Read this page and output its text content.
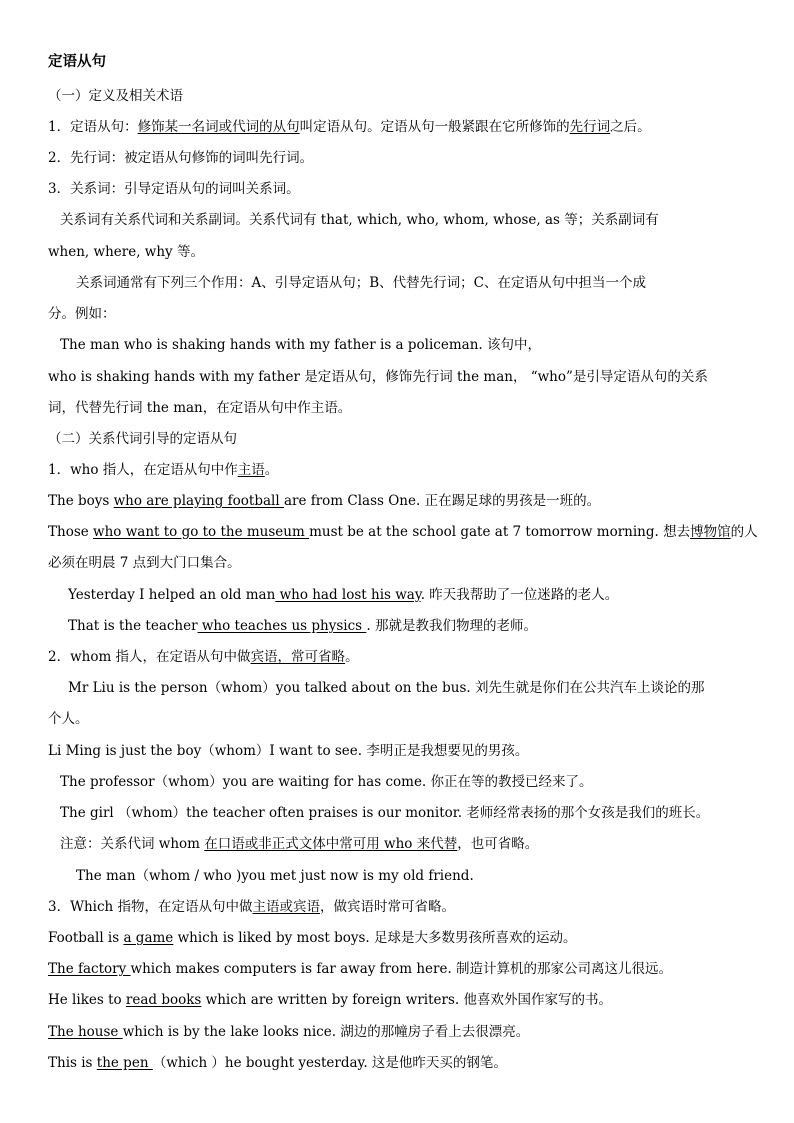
定语从句
（一）定义及相关术语
1．定语从句：修饰某一名词或代词的从句叫定语从句。定语从句一般紧跟在它所修饰的先行词之后。
2．先行词：被定语从句修饰的词叫先行词。
3．关系词：引导定语从句的词叫关系词。
关系词有关系代词和关系副词。关系代词有 that, which, who, whom, whose, as 等；关系副词有
when, where, why 等。
关系词通常有下列三个作用：A、引导定语从句；B、代替先行词；C、在定语从句中担当一个成
分。例如：
The man who is shaking hands with my father is a policeman. 该句中，
who is shaking hands with my father 是定语从句，修饰先行词 the man， “who”是引导定语从句的关系
词，代替先行词 the man，在定语从句中作主语。
（二）关系代词引导的定语从句
1．who 指人，在定语从句中作主语。
The boys who are playing football are from Class One. 正在踢足球的男孩是一班的。
Those who want to go to the museum must be at the school gate at 7 tomorrow morning. 想去博物馆的人
必须在明晨 7 点到大门口集合。
Yesterday I helped an old man who had lost his way. 昨天我帮助了一位迷路的老人。
That is the teacher who teaches us physics . 那就是教我们物理的老师。
2．whom 指人，在定语从句中做宾语，常可省略。
Mr Liu is the person（whom）you talked about on the bus. 刘先生就是你们在公共汽车上谈论的那
个人。
Li Ming is just the boy（whom）I want to see. 李明正是我想要见的男孩。
The professor（whom）you are waiting for has come. 你正在等的教授已经来了。
The girl （whom）the teacher often praises is our monitor. 老师经常表扬的那个女孩是我们的班长。
注意：关系代词 whom 在口语或非正式文体中常可用 who 来代替，也可省略。
The man（whom / who )you met just now is my old friend.
3．Which 指物，在定语从句中做主语或宾语，做宾语时常可省略。
Football is a game which is liked by most boys. 足球是大多数男孩所喜欢的运动。
The factory which makes computers is far away from here. 制造计算机的那家公司离这儿很远。
He likes to read books which are written by foreign writers. 他喜欢外国作家写的书。
The house which is by the lake looks nice. 湖边的那幢房子看上去很漂亮。
This is the pen （which ）he bought yesterday. 这是他昨天买的钢笔。
